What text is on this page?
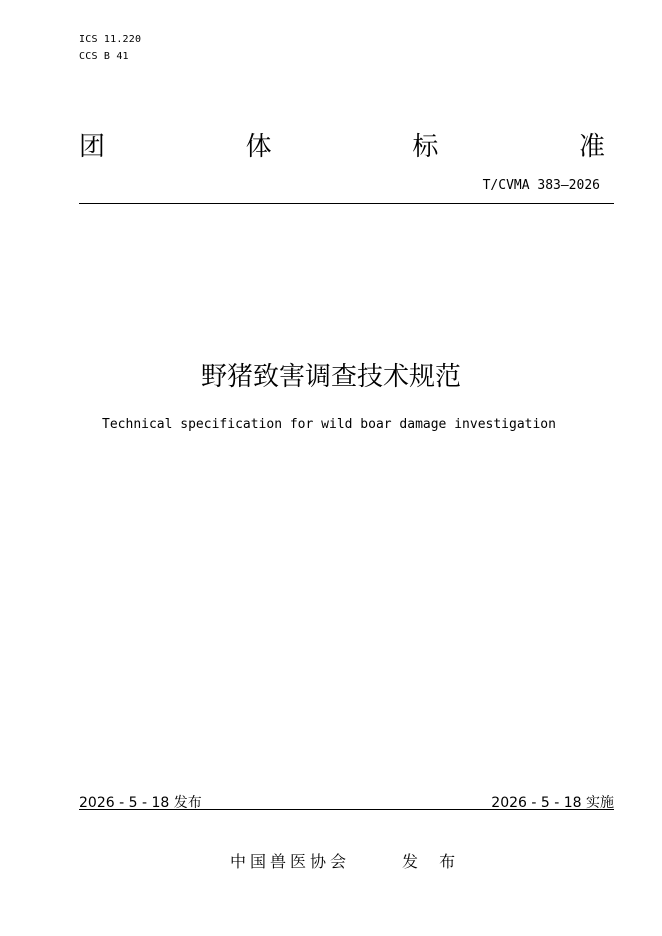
ICS 11.220
CCS B 41
团	体	标	准
T/CVMA 383—2026
野猪致害调查技术规范
Technical specification for wild boar damage investigation
2026 - 5 - 18 发布	2026 - 5 - 18 实施
中国兽医协会	发 布
